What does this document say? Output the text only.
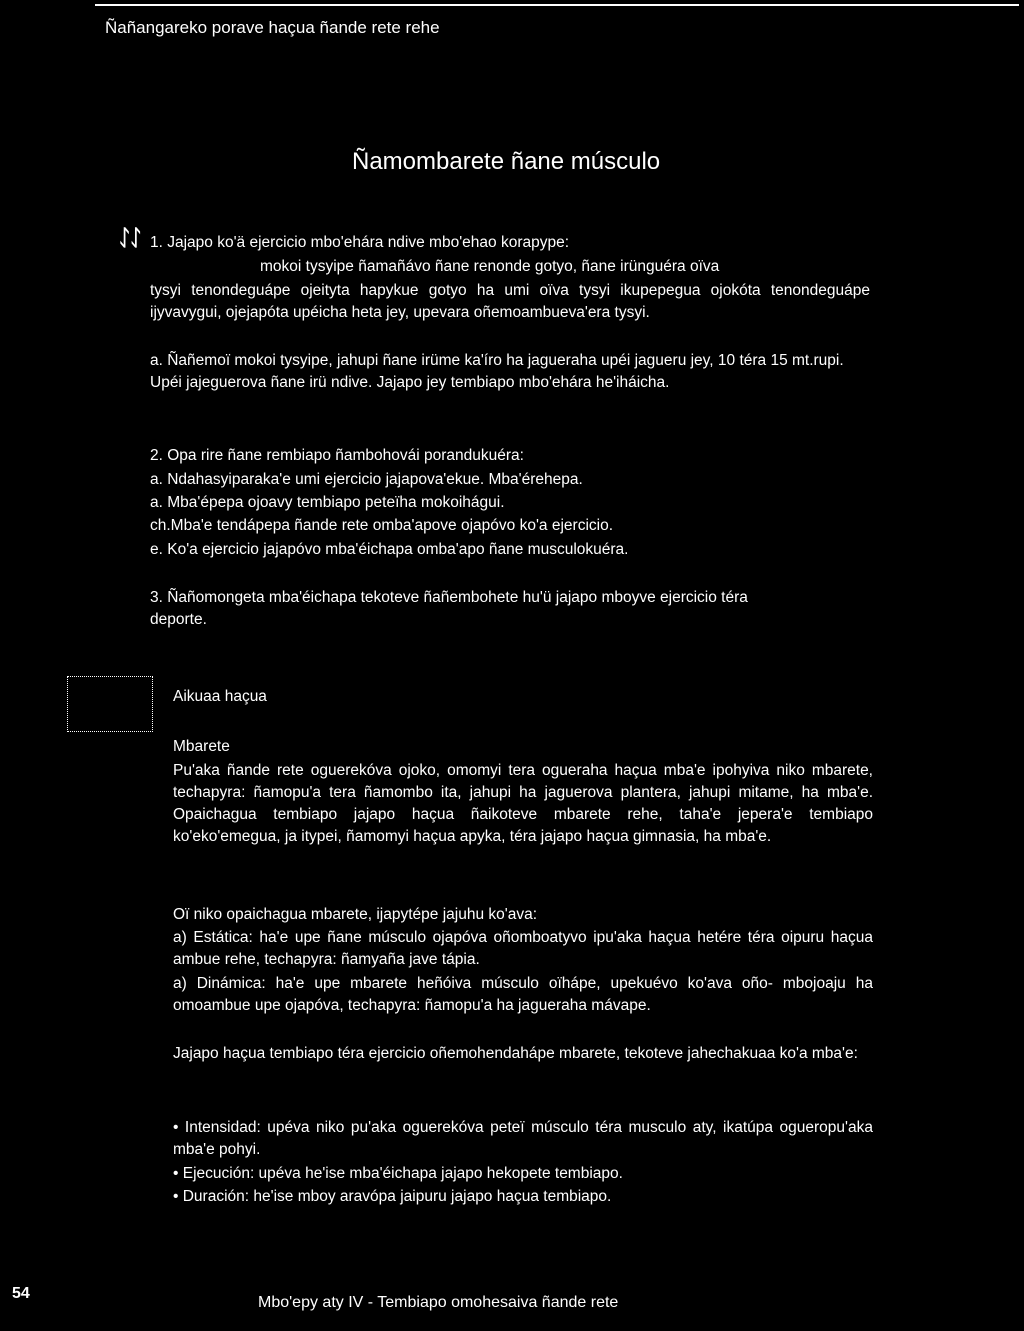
Ñañangareko porave haçua ñande rete rehe
Ñamombarete ñane músculo
ᛇᛇ 1. Jajapo ko'ä ejercicio mbo'ehára ndive mbo'ehao korapype:

mokoi tysyipe ñamañávo ñane renonde gotyo, ñane irünguéra oïva

tysyi tenondeguápe ojeityta hapykue gotyo ha umi oïva tysyi ikupepegua ojokóta tenondeguápe ijyvavygui, ojejapóta upéicha heta jey, upevara oñemoambueva'era tysyi.

a. Ñañemoï mokoi tysyipe, jahupi ñane irüme ka'íro ha jagueraha upéi jagueru jey, 10 téra 15 mt.rupi. Upéi jajeguerova ñane irü ndive. Jajapo jey tembiapo mbo'ehára he'iháicha.

2. Opa rire ñane rembiapo ñambohovái porandukuéra:

a. Ndahasyiparaka'e umi ejercicio jajapova'ekue. Mba'érehepa.

a. Mba'épepa ojoavy tembiapo peteïha mokoihágui.

ch.Mba'e tendápepa ñande rete omba'apove ojapóvo ko'a ejercicio.

e. Ko'a ejercicio jajapóvo mba'éichapa omba'apo ñane musculokuéra.

3. Ñañomongeta mba'éichapa tekoteve ñañembohete hu'ü jajapo mboyve ejercicio téra deporte.

Aikuaa haçua

Mbarete

Pu'aka ñande rete oguerekóva ojoko, omomyi tera ogueraha haçua mba'e ipohyiva niko mbarete, techapyra: ñamopu'a tera ñamombo ita, jahupi ha jaguerova plantera, jahupi mitame, ha mba'e. Opaichagua tembiapo jajapo haçua ñaikoteve mbarete rehe, taha'e jepera'e tembiapo ko'eko'emegua, ja itypei, ñamomyi haçua apyka, téra jajapo haçua gimnasia, ha mba'e.

Oï niko opaichagua mbarete, ijapytépe jajuhu ko'ava:

a) Estática: ha'e upe ñane músculo ojapóva oñomboatyvo ipu'aka haçua hetére téra oipuru haçua ambue rehe, techapyra: ñamyaña jave tápia.

a) Dinámica: ha'e upe mbarete heñóiva músculo oïhápe, upekuévo ko'ava oño- mbojoaju ha omoambue upe ojapóva, techapyra: ñamopu'a ha jagueraha mávape.

Jajapo haçua tembiapo téra ejercicio oñemohendahápe mbarete, tekoteve jahechakuaa ko'a mba'e:

• Intensidad: upéva niko pu'aka oguerekóva peteï músculo téra musculo aty, ikatúpa ogueropu'aka mba'e pohyi.

• Ejecución: upéva he'ise mba'éichapa jajapo hekopete tembiapo.

• Duración: he'ise mboy aravópa jaipuru jajapo haçua tembiapo.

54
Mbo'epy aty IV - Tembiapo omohesaiva ñande rete
